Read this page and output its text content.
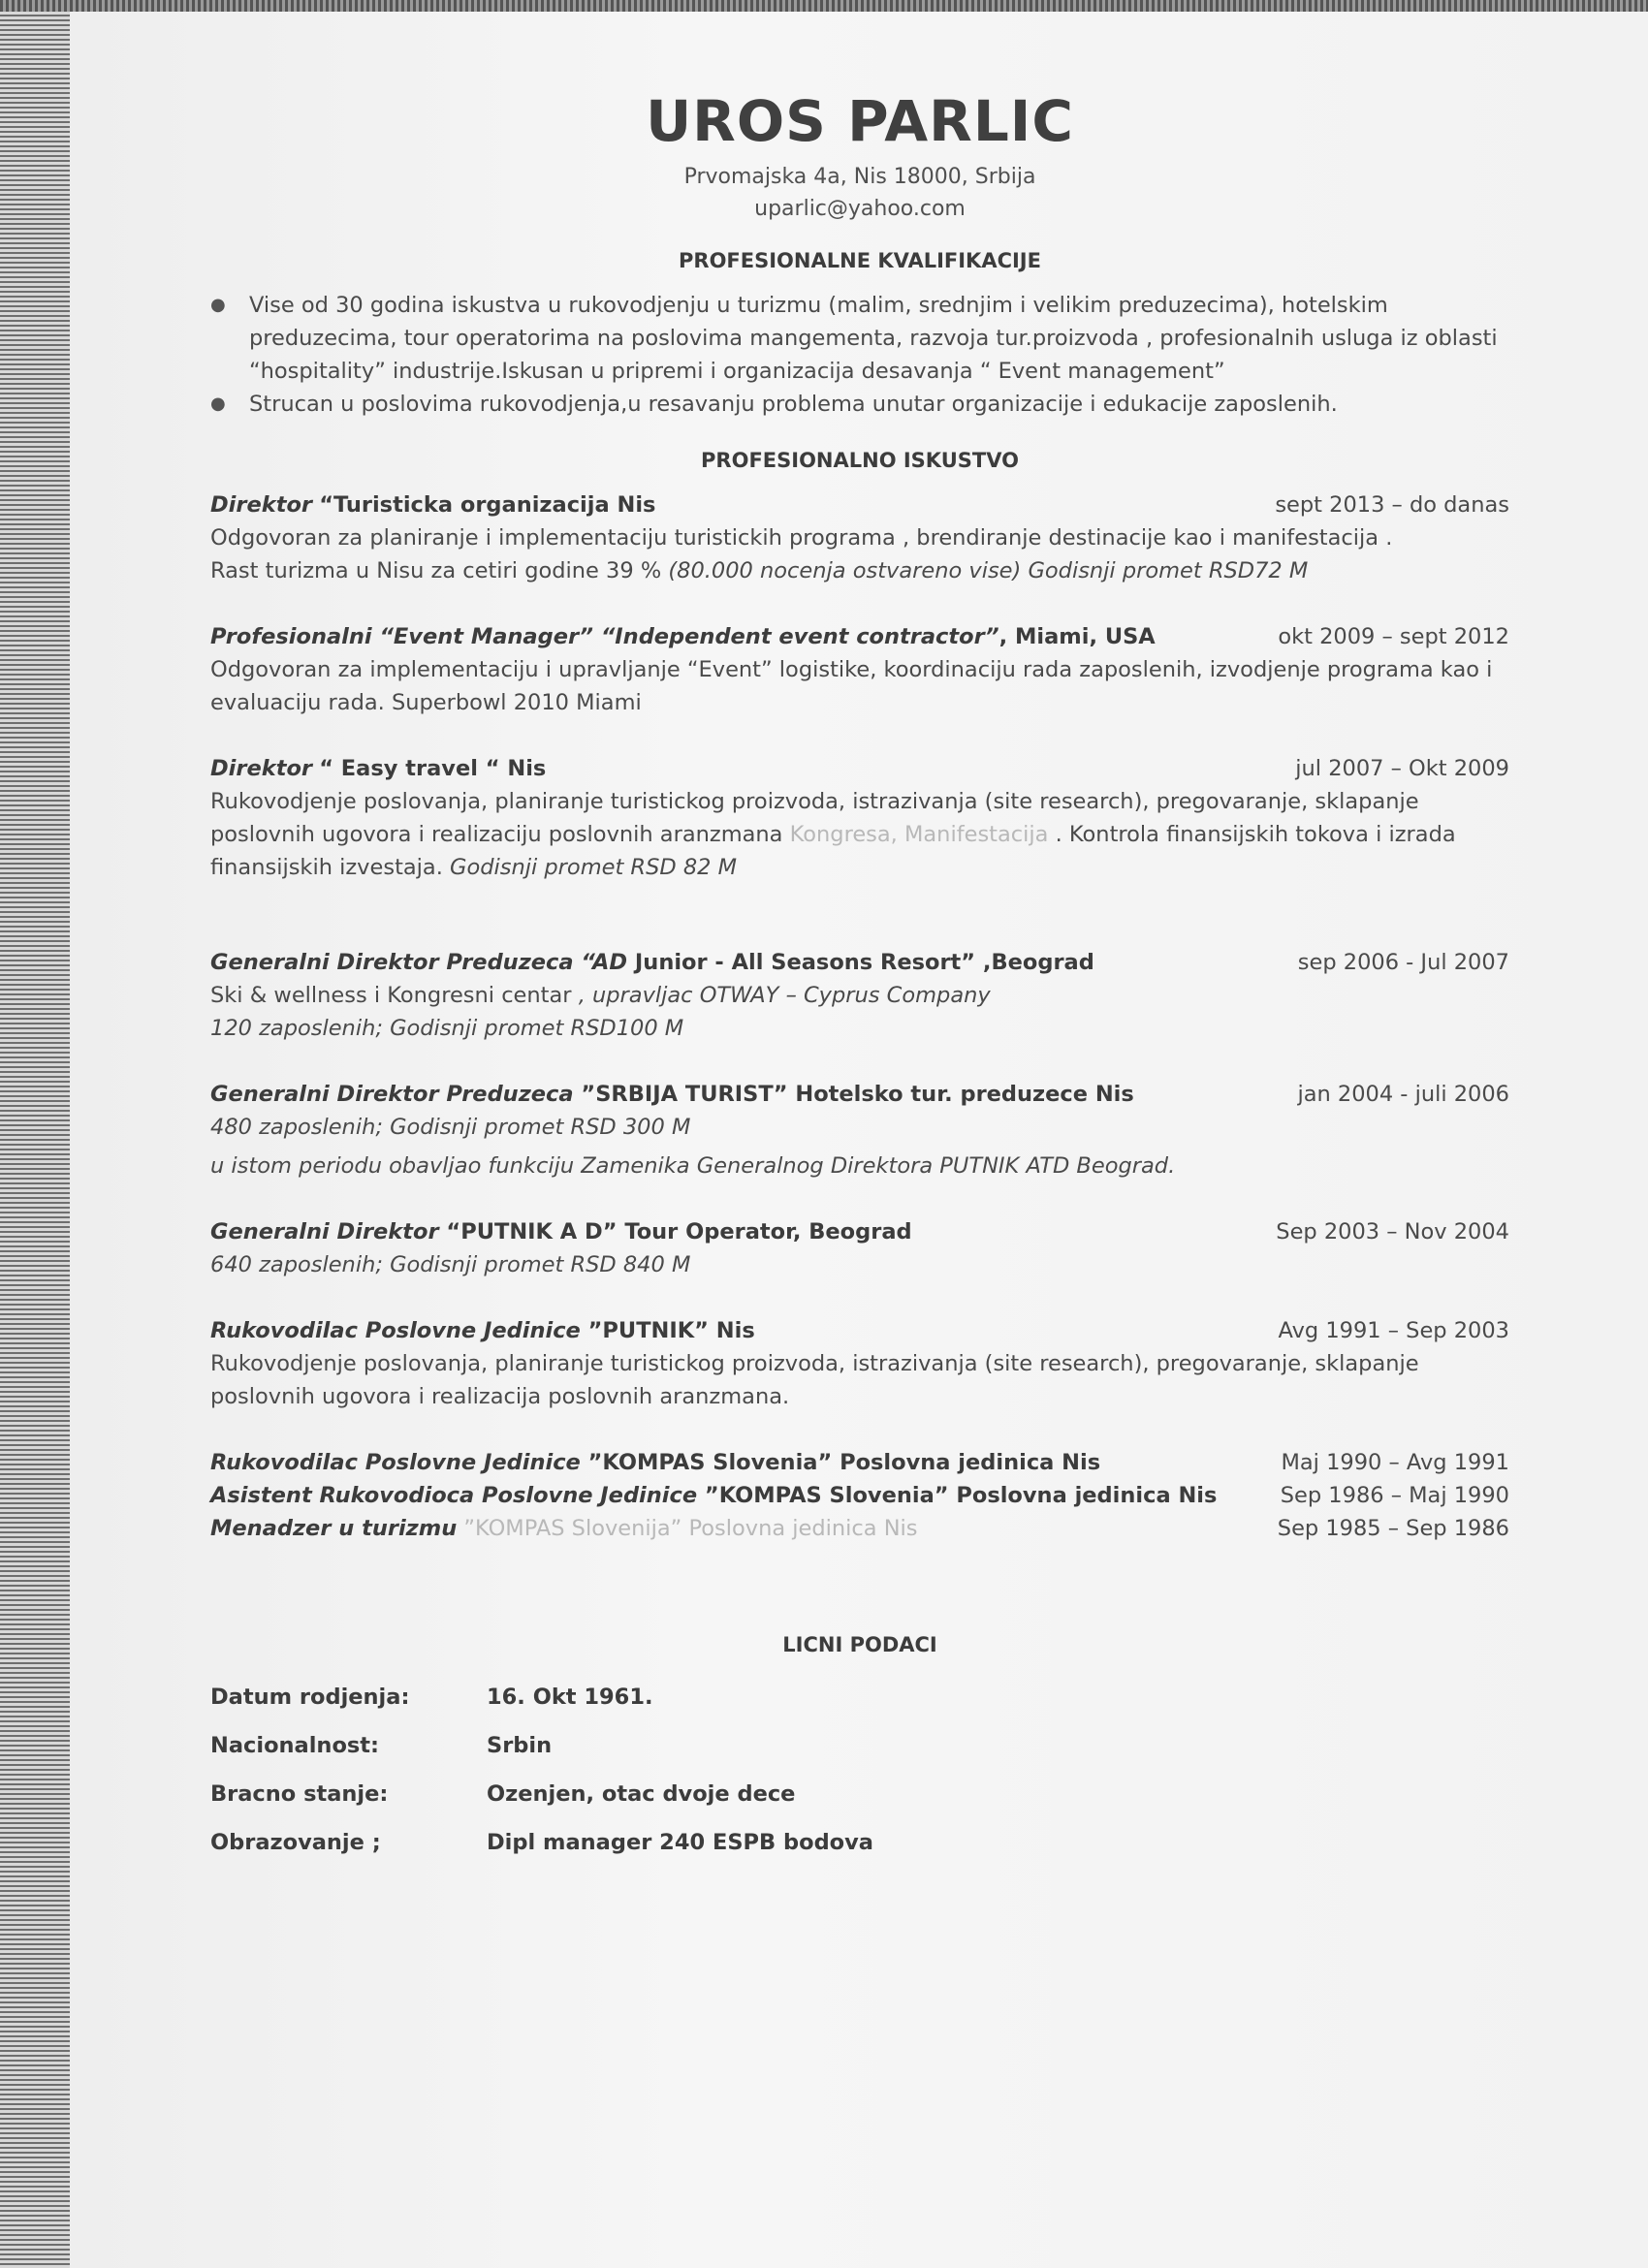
UROS PARLIC
Prvomajska 4a, Nis 18000, Srbija
uparlic@yahoo.com
PROFESIONALNE KVALIFIKACIJE
● Vise od 30 godina iskustva u rukovodjenju u turizmu (malim, srednjim i velikim preduzecima), hotelskim preduzecima, tour operatorima na poslovima mangementa, razvoja tur.proizvoda , profesionalnih usluga iz oblasti “hospitality” industrije.Iskusan u pripremi i organizacija desavanja “ Event management”
● Strucan u poslovima rukovodjenja,u resavanju problema unutar organizacije i edukacije zaposlenih.
PROFESIONALNO ISKUSTVO
Direktor “Turisticka organizacija Nis	sept 2013 – do danas
Odgovoran za planiranje i implementaciju turistickih programa , brendiranje destinacije kao i manifestacija .
Rast turizma u Nisu za cetiri godine 39 % (80.000 nocenja ostvareno vise) Godisnji promet RSD72 M
Profesionalni “Event Manager” “Independent event contractor”, Miami, USA	okt 2009 – sept 2012
Odgovoran za implementaciju i upravljanje “Event” logistike, koordinaciju rada zaposlenih, izvodjenje programa kao i evaluaciju rada. Superbowl 2010 Miami
Direktor “ Easy travel “ Nis	jul 2007 – Okt 2009
Rukovodjenje poslovanja, planiranje turistickog proizvoda, istrazivanja (site research), pregovaranje, sklapanje poslovnih ugovora i realizaciju poslovnih aranzmana Kongresa, Manifestacija . Kontrola finansijskih tokova i izrada finansijskih izvestaja. Godisnji promet RSD 82 M
Generalni Direktor Preduzeca “AD Junior - All Seasons Resort” ,Beograd	sep 2006 - Jul 2007
Ski & wellness i Kongresni centar , upravljac OTWAY – Cyprus Company
120 zaposlenih; Godisnji promet RSD100 M
Generalni Direktor Preduzeca ”SRBIJA TURIST” Hotelsko tur. preduzece Nis	jan 2004 - juli 2006
480 zaposlenih; Godisnji promet RSD 300 M
u istom periodu obavljao funkciju Zamenika Generalnog Direktora PUTNIK ATD Beograd.
Generalni Direktor “PUTNIK A D” Tour Operator, Beograd	Sep 2003 – Nov 2004
640 zaposlenih; Godisnji promet RSD 840 M
Rukovodilac Poslovne Jedinice ”PUTNIK” Nis	Avg 1991 – Sep 2003
Rukovodjenje poslovanja, planiranje turistickog proizvoda, istrazivanja (site research), pregovaranje, sklapanje poslovnih ugovora i realizacija poslovnih aranzmana.
Rukovodilac Poslovne Jedinice ”KOMPAS Slovenia” Poslovna jedinica Nis	Maj 1990 – Avg 1991
Asistent Rukovodioca Poslovne Jedinice ”KOMPAS Slovenia” Poslovna jedinica Nis	Sep 1986 – Maj 1990
Menadzer u turizmu ”KOMPAS Slovenija” Poslovna jedinica Nis	Sep 1985 – Sep 1986
LICNI PODACI
Datum rodjenja:	16. Okt 1961.
Nacionalnost:	Srbin
Bracno stanje:	Ozenjen, otac dvoje dece
Obrazovanje ;	Dipl manager 240 ESPB bodova
